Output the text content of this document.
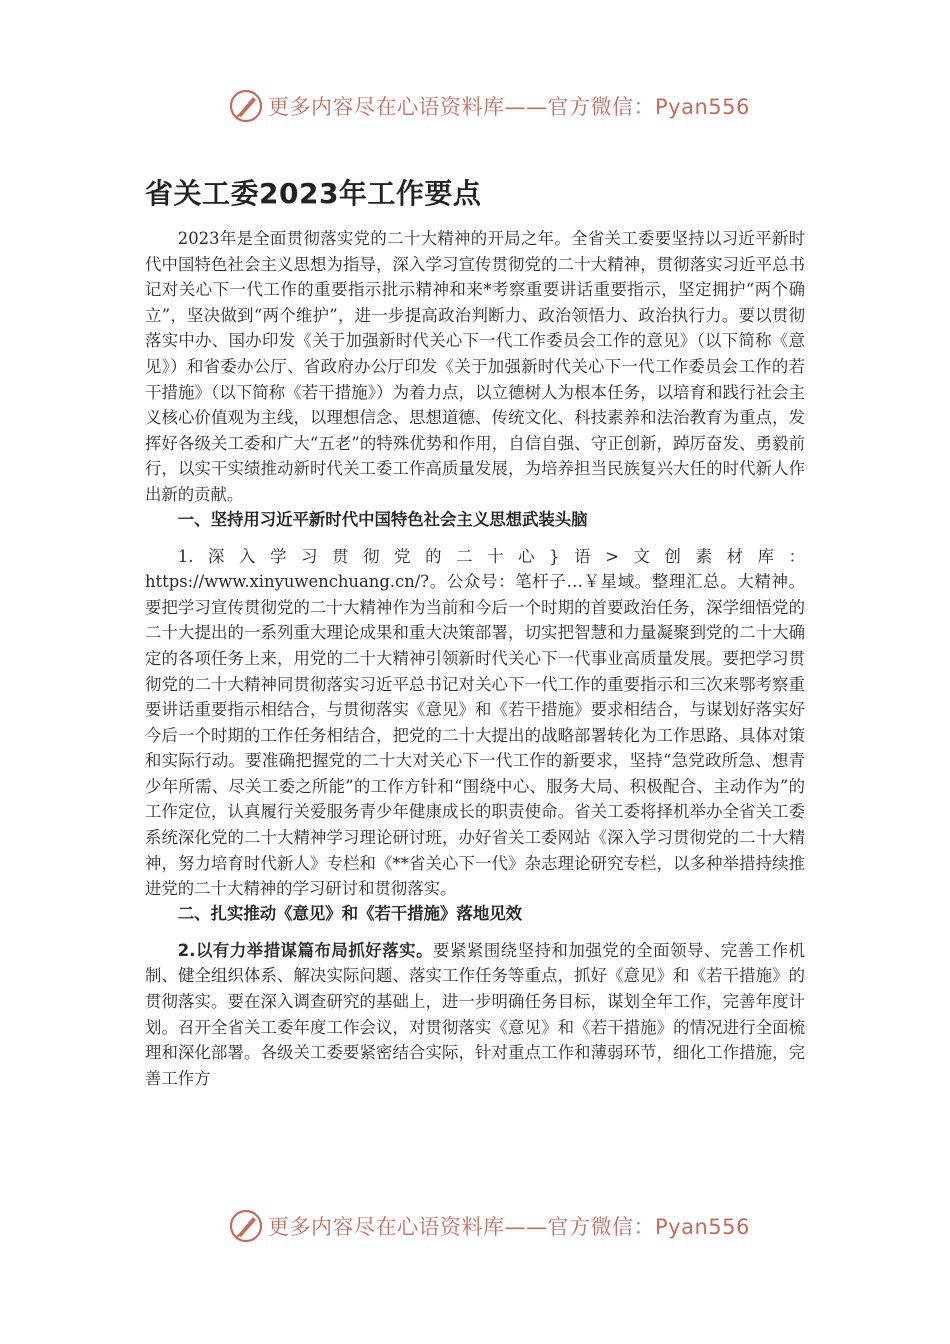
更多内容尽在心语资料库——官方微信：Pyan556
省关工委2023年工作要点

2023年是全面贯彻落实党的二十大精神的开局之年。全省关工委要坚持以习近平新时代中国特色社会主义思想为指导，深入学习宣传贯彻党的二十大精神，贯彻落实习近平总书记对关心下一代工作的重要指示批示精神和来*考察重要讲话重要指示，坚定拥护“两个确立”，坚决做到“两个维护”，进一步提高政治判断力、政治领悟力、政治执行力。要以贯彻落实中办、国办印发《关于加强新时代关心下一代工作委员会工作的意见》（以下简称《意见》）和省委办公厅、省政府办公厅印发《关于加强新时代关心下一代工作委员会工作的若干措施》（以下简称《若干措施》）为着力点，以立德树人为根本任务，以培育和践行社会主义核心价值观为主线，以理想信念、思想道德、传统文化、科技素养和法治教育为重点，发挥好各级关工委和广大“五老”的特殊优势和作用，自信自强、守正创新，踔厉奋发、勇毅前行，以实干实绩推动新时代关工委工作高质量发展，为培养担当民族复兴大任的时代新人作出新的贡献。

一、坚持用习近平新时代中国特色社会主义思想武装头脑

1.深入学习贯彻党的二十心}语>文创素材库：https://www.xinyuwenchuang.cn/?。公众号：笔杆子…￥星域。整理汇总。大精神。要把学习宣传贯彻党的二十大精神作为当前和今后一个时期的首要政治任务，深学细悟党的二十大提出的一系列重大理论成果和重大决策部署，切实把智慧和力量凝聚到党的二十大确定的各项任务上来，用党的二十大精神引领新时代关心下一代事业高质量发展。要把学习贯彻党的二十大精神同贯彻落实习近平总书记对关心下一代工作的重要指示和三次来鄂考察重要讲话重要指示相结合，与贯彻落实《意见》和《若干措施》要求相结合，与谋划好落实好今后一个时期的工作任务相结合，把党的二十大提出的战略部署转化为工作思路、具体对策和实际行动。要准确把握党的二十大对关心下一代工作的新要求，坚持“急党政所急、想青少年所需、尽关工委之所能”的工作方针和“围绕中心、服务大局、积极配合、主动作为”的工作定位，认真履行关爱服务青少年健康成长的职责使命。省关工委将择机举办全省关工委系统深化党的二十大精神学习理论研讨班，办好省关工委网站《深入学习贯彻党的二十大精神，努力培育时代新人》专栏和《**省关心下一代》杂志理论研究专栏，以多种举措持续推进党的二十大精神的学习研讨和贯彻落实。

二、扎实推动《意见》和《若干措施》落地见效

2.以有力举措谋篇布局抓好落实。要紧紧围绕坚持和加强党的全面领导、完善工作机制、健全组织体系、解决实际问题、落实工作任务等重点，抓好《意见》和《若干措施》的贯彻落实。要在深入调查研究的基础上，进一步明确任务目标，谋划全年工作，完善年度计划。召开全省关工委年度工作会议，对贯彻落实《意见》和《若干措施》的情况进行全面梳理和深化部署。各级关工委要紧密结合实际，针对重点工作和薄弱环节，细化工作措施，完善工作方

更多内容尽在心语资料库——官方微信：Pyan556
